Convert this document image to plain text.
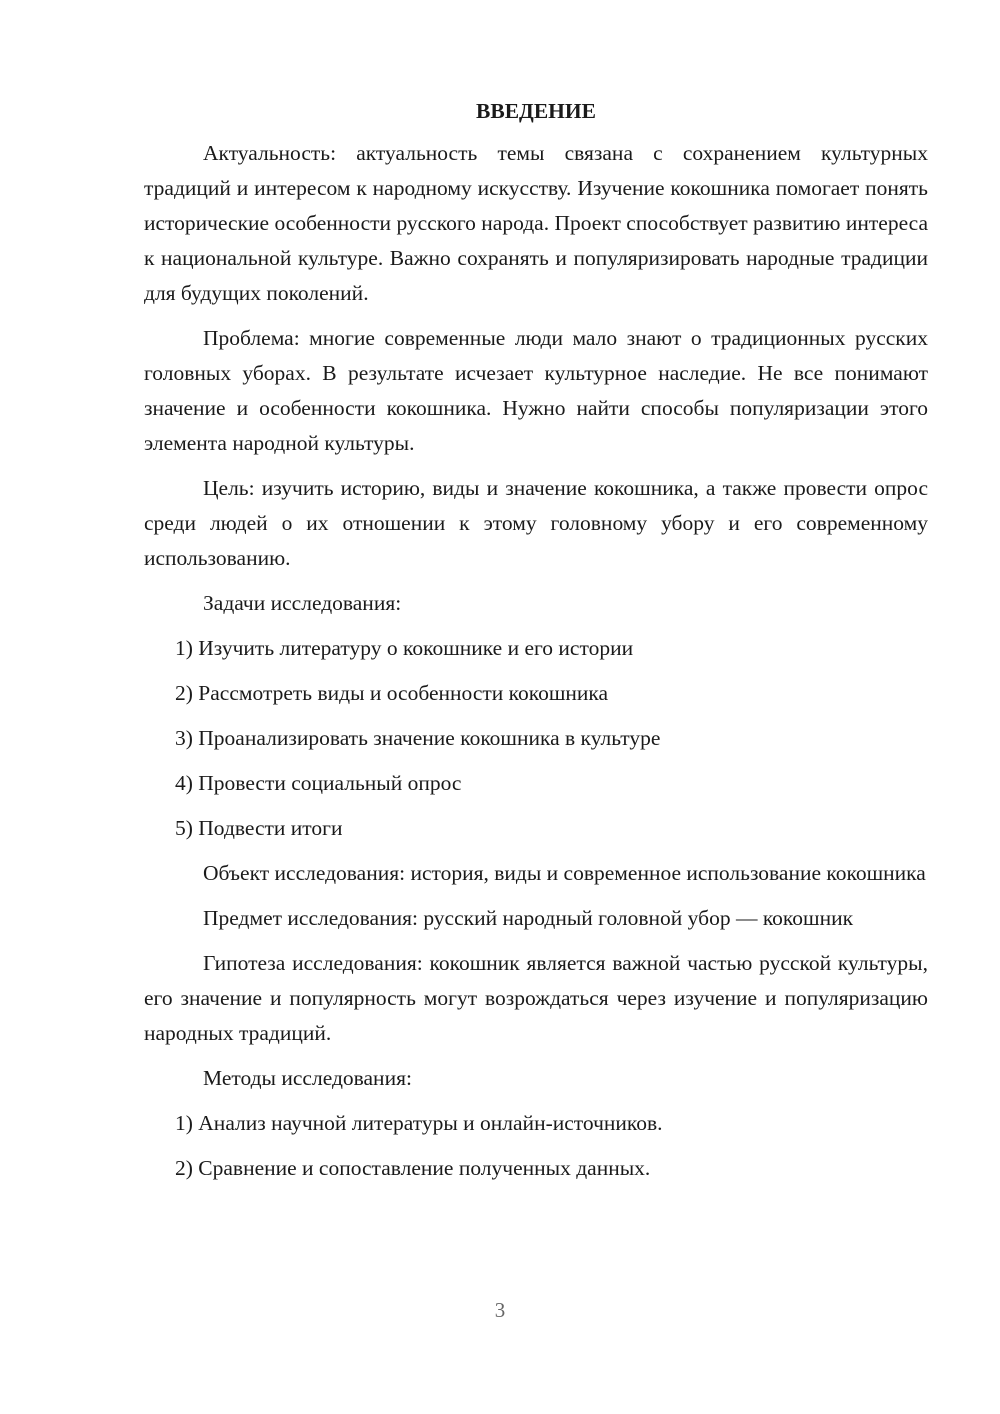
ВВЕДЕНИЕ

Актуальность: актуальность темы связана с сохранением культурных традиций и интересом к народному искусству. Изучение кокошника помогает понять исторические особенности русского народа. Проект способствует развитию интереса к национальной культуре. Важно сохранять и популяризировать народные традиции для будущих поколений.

Проблема: многие современные люди мало знают о традиционных русских головных уборах. В результате исчезает культурное наследие. Не все понимают значение и особенности кокошника. Нужно найти способы популяризации этого элемента народной культуры.

Цель: изучить историю, виды и значение кокошника, а также провести опрос среди людей о их отношении к этому головному убору и его современному использованию.

Задачи исследования:

1) Изучить литературу о кокошнике и его истории
2) Рассмотреть виды и особенности кокошника
3) Проанализировать значение кокошника в культуре
4) Провести социальный опрос
5) Подвести итоги

Объект исследования: история, виды и современное использование кокошника

Предмет исследования: русский народный головной убор — кокошник

Гипотеза исследования: кокошник является важной частью русской культуры, его значение и популярность могут возрождаться через изучение и популяризацию народных традиций.

Методы исследования:

1) Анализ научной литературы и онлайн-источников.
2) Сравнение и сопоставление полученных данных.
3
